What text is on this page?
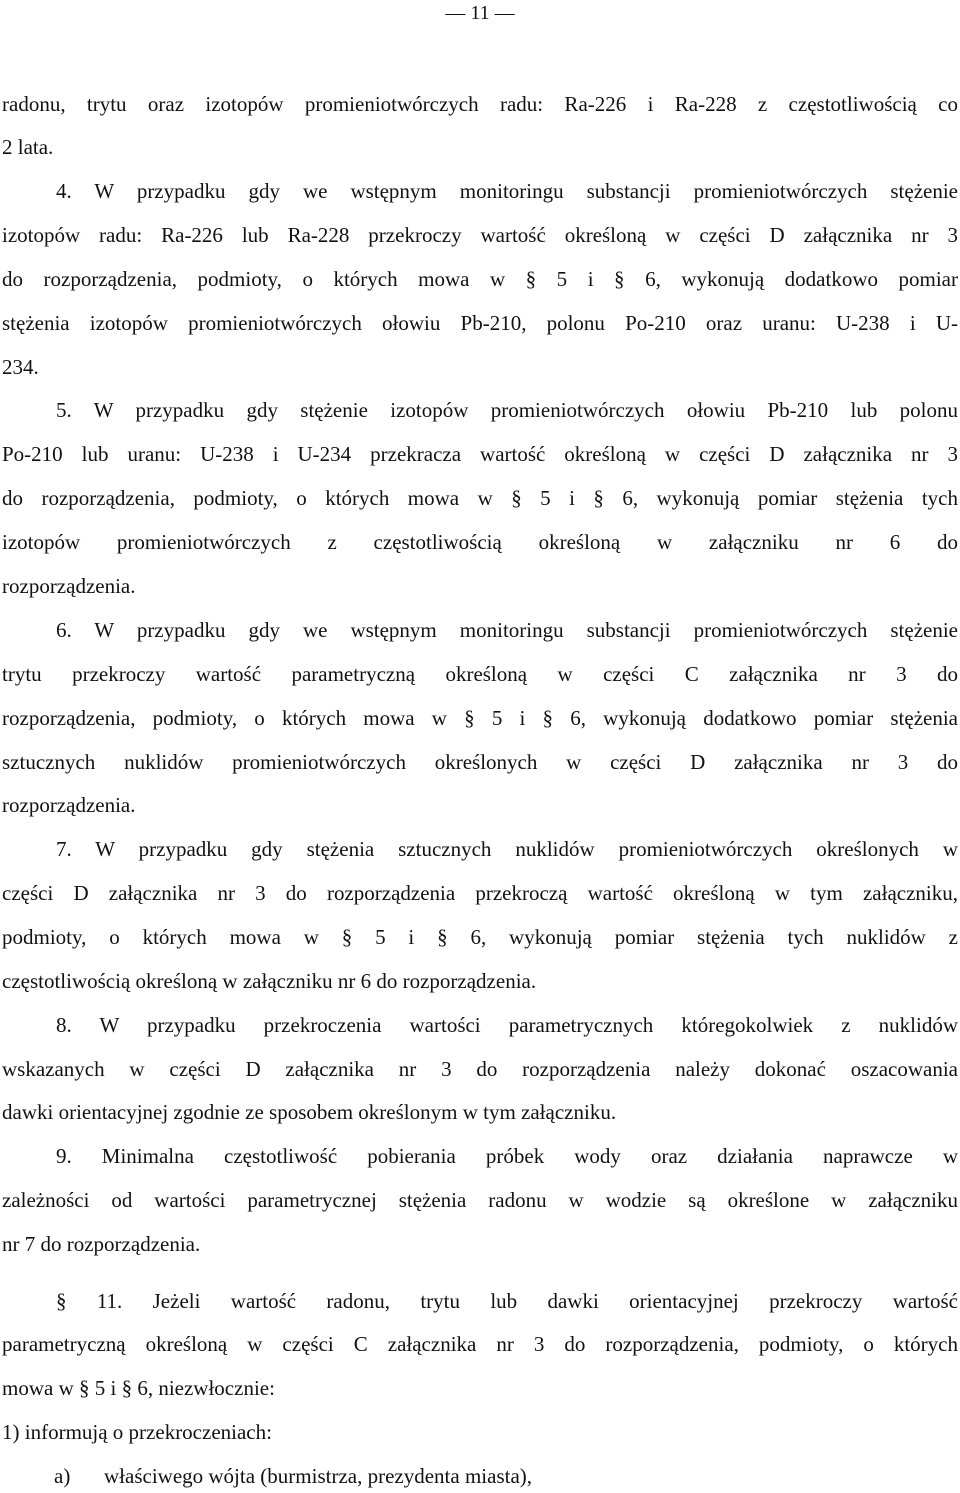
— 11 —
radonu, trytu oraz izotopów promieniotwórczych radu: Ra-226 i Ra-228 z częstotliwością co
2 lata.
4. W przypadku gdy we wstępnym monitoringu substancji promieniotwórczych stężenie
izotopów radu: Ra-226 lub Ra-228 przekroczy wartość określoną w części D załącznika nr 3
do rozporządzenia, podmioty, o których mowa w § 5 i § 6, wykonują dodatkowo pomiar
stężenia izotopów promieniotwórczych ołowiu Pb-210, polonu Po-210 oraz uranu: U-238 i U-
234.
5. W przypadku gdy stężenie izotopów promieniotwórczych ołowiu Pb-210 lub polonu
Po-210 lub uranu: U-238 i U-234 przekracza wartość określoną w części D załącznika nr 3
do rozporządzenia, podmioty, o których mowa w § 5 i § 6, wykonują pomiar stężenia tych
izotopów promieniotwórczych z częstotliwością określoną w załączniku nr 6 do
rozporządzenia.
6. W przypadku gdy we wstępnym monitoringu substancji promieniotwórczych stężenie
trytu przekroczy wartość parametryczną określoną w części C załącznika nr 3 do
rozporządzenia, podmioty, o których mowa w § 5 i § 6, wykonują dodatkowo pomiar stężenia
sztucznych nuklidów promieniotwórczych określonych w części D załącznika nr 3 do
rozporządzenia.
7. W przypadku gdy stężenia sztucznych nuklidów promieniotwórczych określonych w
części D załącznika nr 3 do rozporządzenia przekroczą wartość określoną w tym załączniku,
podmioty, o których mowa w § 5 i § 6, wykonują pomiar stężenia tych nuklidów z
częstotliwością określoną w załączniku nr 6 do rozporządzenia.
8. W przypadku przekroczenia wartości parametrycznych któregokolwiek z nuklidów
wskazanych w części D załącznika nr 3 do rozporządzenia należy dokonać oszacowania
dawki orientacyjnej zgodnie ze sposobem określonym w tym załączniku.
9. Minimalna częstotliwość pobierania próbek wody oraz działania naprawcze w
zależności od wartości parametrycznej stężenia radonu w wodzie są określone w załączniku
nr 7 do rozporządzenia.
§ 11. Jeżeli wartość radonu, trytu lub dawki orientacyjnej przekroczy wartość
parametryczną określoną w części C załącznika nr 3 do rozporządzenia, podmioty, o których
mowa w § 5 i § 6, niezwłocznie:
1) informują o przekroczeniach:
a) właściwego wójta (burmistrza, prezydenta miasta),
